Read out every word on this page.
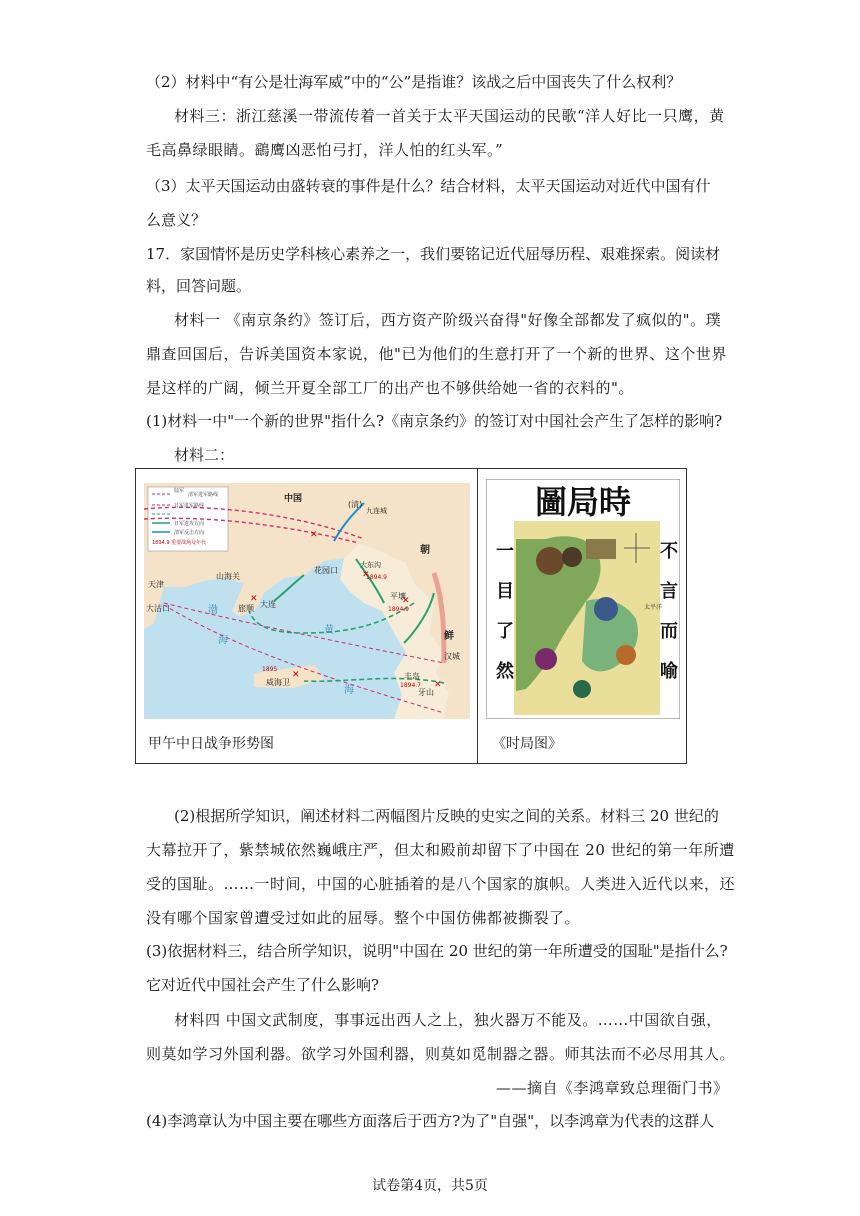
（2）材料中“有公是壮海军威”中的“公”是指谁？该战之后中国丧失了什么权利？
材料三：浙江慈溪一带流传着一首关于太平天国运动的民歌“洋人好比一只鹰，黄
毛高鼻绿眼睛。鷂鹰凶恶怕弓打，洋人怕的红头军。”
（3）太平天国运动由盛转衰的事件是什么？结合材料，太平天国运动对近代中国有什
么意义？
17．家国情怀是历史学科核心素养之一，我们要铭记近代屈辱历程、艰难探索。阅读材
料，回答问题。
材料一 《南京条约》签订后，西方资产阶级兴奋得"好像全部都发了疯似的"。璞
鼎查回国后，告诉美国资本家说，他"已为他们的生意打开了一个新的世界、这个世界
是这样的广阔，倾兰开夏全部工厂的出产也不够供给她一省的衣料的"。
(1)材料一中"一个新的世界"指什么?《南京条约》的签订对中国社会产生了怎样的影响?
材料二：
陆军
清军进军路线
日军进军路线
日军进攻方向
清军反击方向
1894.9 重要战场及年代
中国
(清)
九连城
朝
鲜
山海关
花园口
大东沟
天津
大沽口	旅顺 大连
平壤
汉城
威海卫
丰岛
牙山
渤
海
黄
海
1894.9
1894.9
1894.7
1895
✕
✕
✕	✕
✕
✕
圖局時
太平洋
一
目
了
然
不
言
而
喻
甲午中日战争形势图	《时局图》
(2)根据所学知识，阐述材料二两幅图片反映的史实之间的关系。材料三 20 世纪的
大幕拉开了，紫禁城依然巍峨庄严，但太和殿前却留下了中国在 20 世纪的第一年所遭
受的国耻。……一时间，中国的心脏插着的是八个国家的旗帜。人类进入近代以来，还
没有哪个国家曾遭受过如此的屈辱。整个中国仿佛都被撕裂了。
(3)依据材料三，结合所学知识，说明"中国在 20 世纪的第一年所遭受的国耻"是指什么?
它对近代中国社会产生了什么影响?
材料四 中国文武制度，事事远出西人之上，独火器万不能及。……中国欲自强，
则莫如学习外国利器。欲学习外国利器，则莫如觅制器之器。师其法而不必尽用其人。
——摘自《李鸿章致总理衙门书》
(4)李鸿章认为中国主要在哪些方面落后于西方?为了"自强"，以李鸿章为代表的这群人
试卷第4页，共5页
